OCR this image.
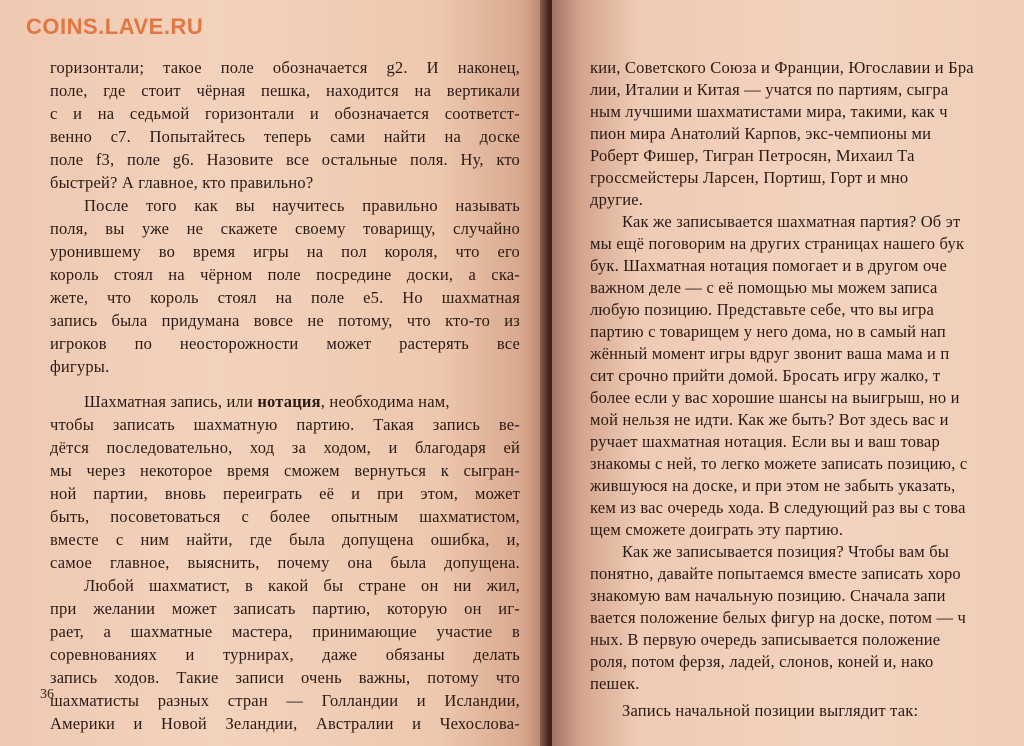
горизонтали; такое поле обозначается g2. И наконец,
поле, где стоит чёрная пешка, находится на вертикали
с и на седьмой горизонтали и обозначается соответст-
венно c7. Попытайтесь теперь сами найти на доске
поле f3, поле g6. Назовите все остальные поля. Ну, кто
быстрей? А главное, кто правильно?
После того как вы научитесь правильно называть
поля, вы уже не скажете своему товарищу, случайно
уронившему во время игры на пол короля, что его
король стоял на чёрном поле посредине доски, а ска-
жете, что король стоял на поле e5. Но шахматная
запись была придумана вовсе не потому, что кто-то из
игроков по неосторожности может растерять все
фигуры.
Шахматная запись, или нотация, необходима нам,
чтобы записать шахматную партию. Такая запись ве-
дётся последовательно, ход за ходом, и благодаря ей
мы через некоторое время сможем вернуться к сыгран-
ной партии, вновь переиграть её и при этом, может
быть, посоветоваться с более опытным шахматистом,
вместе с ним найти, где была допущена ошибка, и,
самое главное, выяснить, почему она была допущена.
Любой шахматист, в какой бы стране он ни жил,
при желании может записать партию, которую он иг-
рает, а шахматные мастера, принимающие участие в
соревнованиях и турнирах, даже обязаны делать
запись ходов. Такие записи очень важны, потому что
шахматисты разных стран — Голландии и Исландии,
Америки и Новой Зеландии, Австралии и Чехослова-
36
кии, Советского Союза и Франции, Югославии и Бра
лии, Италии и Китая — учатся по партиям, сыгра
ным лучшими шахматистами мира, такими, как ч
пион мира Анатолий Карпов, экс-чемпионы ми
Роберт Фишер, Тигран Петросян, Михаил Та
гроссмейстеры Ларсен, Портиш, Горт и мно
другие.
Как же записывается шахматная партия? Об эт
мы ещё поговорим на других страницах нашего бук
бук. Шахматная нотация помогает и в другом оче
важном деле — с её помощью мы можем записа
любую позицию. Представьте себе, что вы игра
партию с товарищем у него дома, но в самый нап
жённый момент игры вдруг звонит ваша мама и п
сит срочно прийти домой. Бросать игру жалко, т
более если у вас хорошие шансы на выигрыш, но и
мой нельзя не идти. Как же быть? Вот здесь вас и
ручает шахматная нотация. Если вы и ваш товар
знакомы с ней, то легко можете записать позицию, с
жившуюся на доске, и при этом не забыть указать,
кем из вас очередь хода. В следующий раз вы с това
щем сможете доиграть эту партию.
Как же записывается позиция? Чтобы вам бы
понятно, давайте попытаемся вместе записать хоро
знакомую вам начальную позицию. Сначала запи
вается положение белых фигур на доске, потом — ч
ных. В первую очередь записывается положение
роля, потом ферзя, ладей, слонов, коней и, нако
пешек.
Запись начальной позиции выглядит так:
COINS.LAVE.RU
